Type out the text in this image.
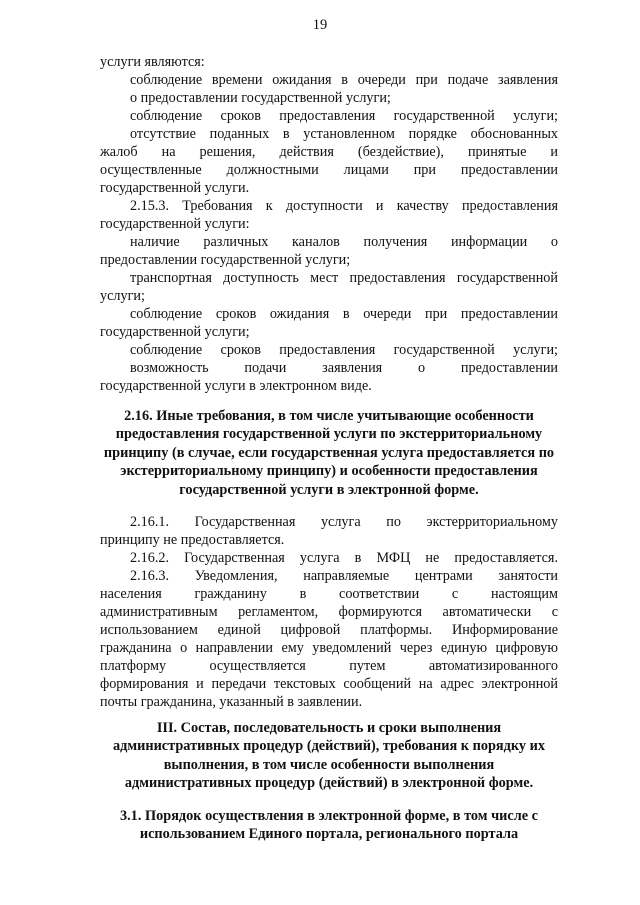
19

услуги являются:

соблюдение времени ожидания в очереди при подаче заявления

о предоставлении государственной услуги;

соблюдение сроков предоставления государственной услуги;

отсутствие поданных в установленном порядке обоснованных

жалоб на решения, действия (бездействие), принятые и

осуществленные должностными лицами при предоставлении

государственной услуги.

2.15.3. Требования к доступности и качеству предоставления

государственной услуги:

наличие различных каналов получения информации о

предоставлении государственной услуги;

транспортная доступность мест предоставления государственной

услуги;

соблюдение сроков ожидания в очереди при предоставлении

государственной услуги;

соблюдение сроков предоставления государственной услуги;

возможность подачи заявления о предоставлении

государственной услуги в электронном виде.

2.16. Иные требования, в том числе учитывающие особенности предоставления государственной услуги по экстерриториальному принципу (в случае, если государственная услуга предоставляется по экстерриториальному принципу) и особенности предоставления государственной услуги в электронной форме.

2.16.1. Государственная услуга по экстерриториальному

принципу не предоставляется.

2.16.2. Государственная услуга в МФЦ не предоставляется.

2.16.3. Уведомления, направляемые центрами занятости

населения гражданину в соответствии с настоящим

административным регламентом, формируются автоматически с

использованием единой цифровой платформы. Информирование

гражданина о направлении ему уведомлений через единую цифровую

платформу осуществляется путем автоматизированного

формирования и передачи текстовых сообщений на адрес электронной

почты гражданина, указанный в заявлении.

III. Состав, последовательность и сроки выполнения административных процедур (действий), требования к порядку их выполнения, в том числе особенности выполнения административных процедур (действий) в электронной форме.
3.1. Порядок осуществления в электронной форме, в том числе с использованием Единого портала, регионального портала
